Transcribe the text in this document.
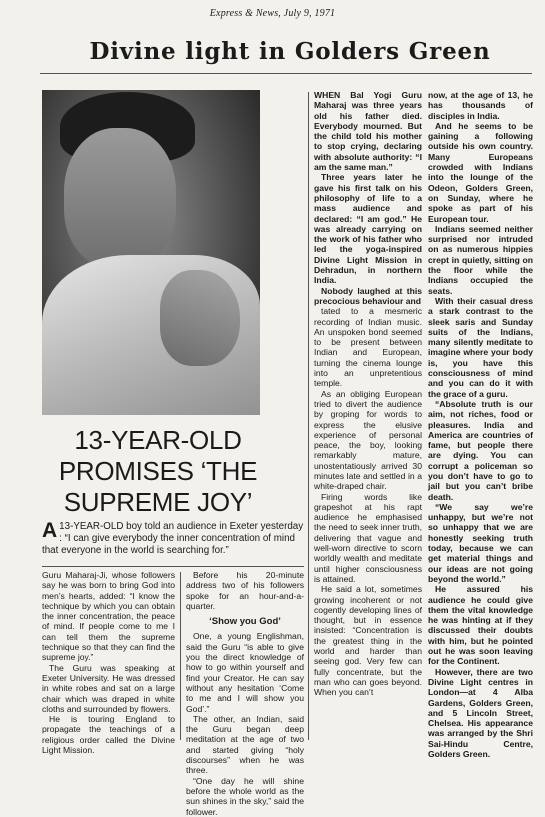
Express & News, July 9, 1971
Divine light in Golders Green
13-YEAR-OLD
PROMISES ‘THE
SUPREME JOY’
A 13-YEAR-OLD boy told an audience in Exeter yesterday : “I can give everybody the inner concentration of mind that everyone in the world is searching for.”

Guru Maharaj-Ji, whose followers say he was born to bring God into men’s hearts, added: “I know the technique by which you can obtain the inner concentration, the peace of mind. If people come to me I can tell them the supreme technique so that they can find the supreme joy.”

The Guru was speaking at Exeter University. He was dressed in white robes and sat on a large chair which was draped in white cloths and surrounded by flowers.

He is touring England to propagate the teachings of a religious order called the Divine Light Mission.

Before his 20-minute address two of his followers spoke for an hour-and-a-quarter.

‘Show you God’

One, a young Englishman, said the Guru “is able to give you the direct knowledge of how to go within yourself and find your Creator. He can say without any hesitation ‘Come to me and I will show you God’.”

The other, an Indian, said the Guru began deep meditation at the age of two and started giving “holy discourses” when he was three.

“One day he will shine before the whole world as the sun shines in the sky,” said the follower.

WHEN Bal Yogi Guru Maharaj was three years old his father died. Everybody mourned. But the child told his mother to stop crying, declaring with absolute authority: “I am the same man.”

Three years later he gave his first talk on his philosophy of life to a mass audience and declared: “I am god.” He was already carrying on the work of his father who led the yoga-inspired Divine Light Mission in Dehradun, in northern India.

Nobody laughed at this precocious behaviour and

tated to a mesmeric recording of Indian music. An unspoken bond seemed to be present between Indian and European, turning the cinema lounge into an unpretentious temple.

As an obliging European tried to divert the audience by groping for words to express the elusive experience of personal peace, the boy, looking remarkably mature, unostentatiously arrived 30 minutes late and settled in a white-draped chair.

Firing words like grapeshot at his rapt audience he emphasised the need to seek inner truth, delivering that vague and well-worn directive to scorn worldly wealth and meditate until higher consciousness is attained.

He said a lot, sometimes growing incoherent or not cogently developing lines of thought, but in essence insisted: “Concentration is the greatest thing in the world and harder than seeing god. Very few can fully concentrate, but the man who can goes beyond. When you can’t

now, at the age of 13, he has thousands of disciples in India.

And he seems to be gaining a following outside his own country. Many Europeans crowded with Indians into the lounge of the Odeon, Golders Green, on Sunday, where he spoke as part of his European tour.

Indians seemed neither surprised nor intruded on as numerous hippies crept in quietly, sitting on the floor while the Indians occupied the seats.

With their casual dress a stark contrast to the sleek saris and Sunday suits of the Indians, many silently meditate to imagine where your body is, you have this consciousness of mind and you can do it with the grace of a guru.

“Absolute truth is our aim, not riches, food or pleasures. India and America are countries of fame, but people there are dying. You can corrupt a policeman so you don’t have to go to jail but you can’t bribe death.

“We say we’re unhappy, but we’re not so unhappy that we are honestly seeking truth today, because we can get material things and our ideas are not going beyond the world.”

He assured his audience he could give them the vital knowledge he was hinting at if they discussed their doubts with him, but he pointed out he was soon leaving for the Continent.

However, there are two Divine Light centres in London—at 4 Alba Gardens, Golders Green, and 5 Lincoln Street, Chelsea. His appearance was arranged by the Shri Sai-Hindu Centre, Golders Green.
